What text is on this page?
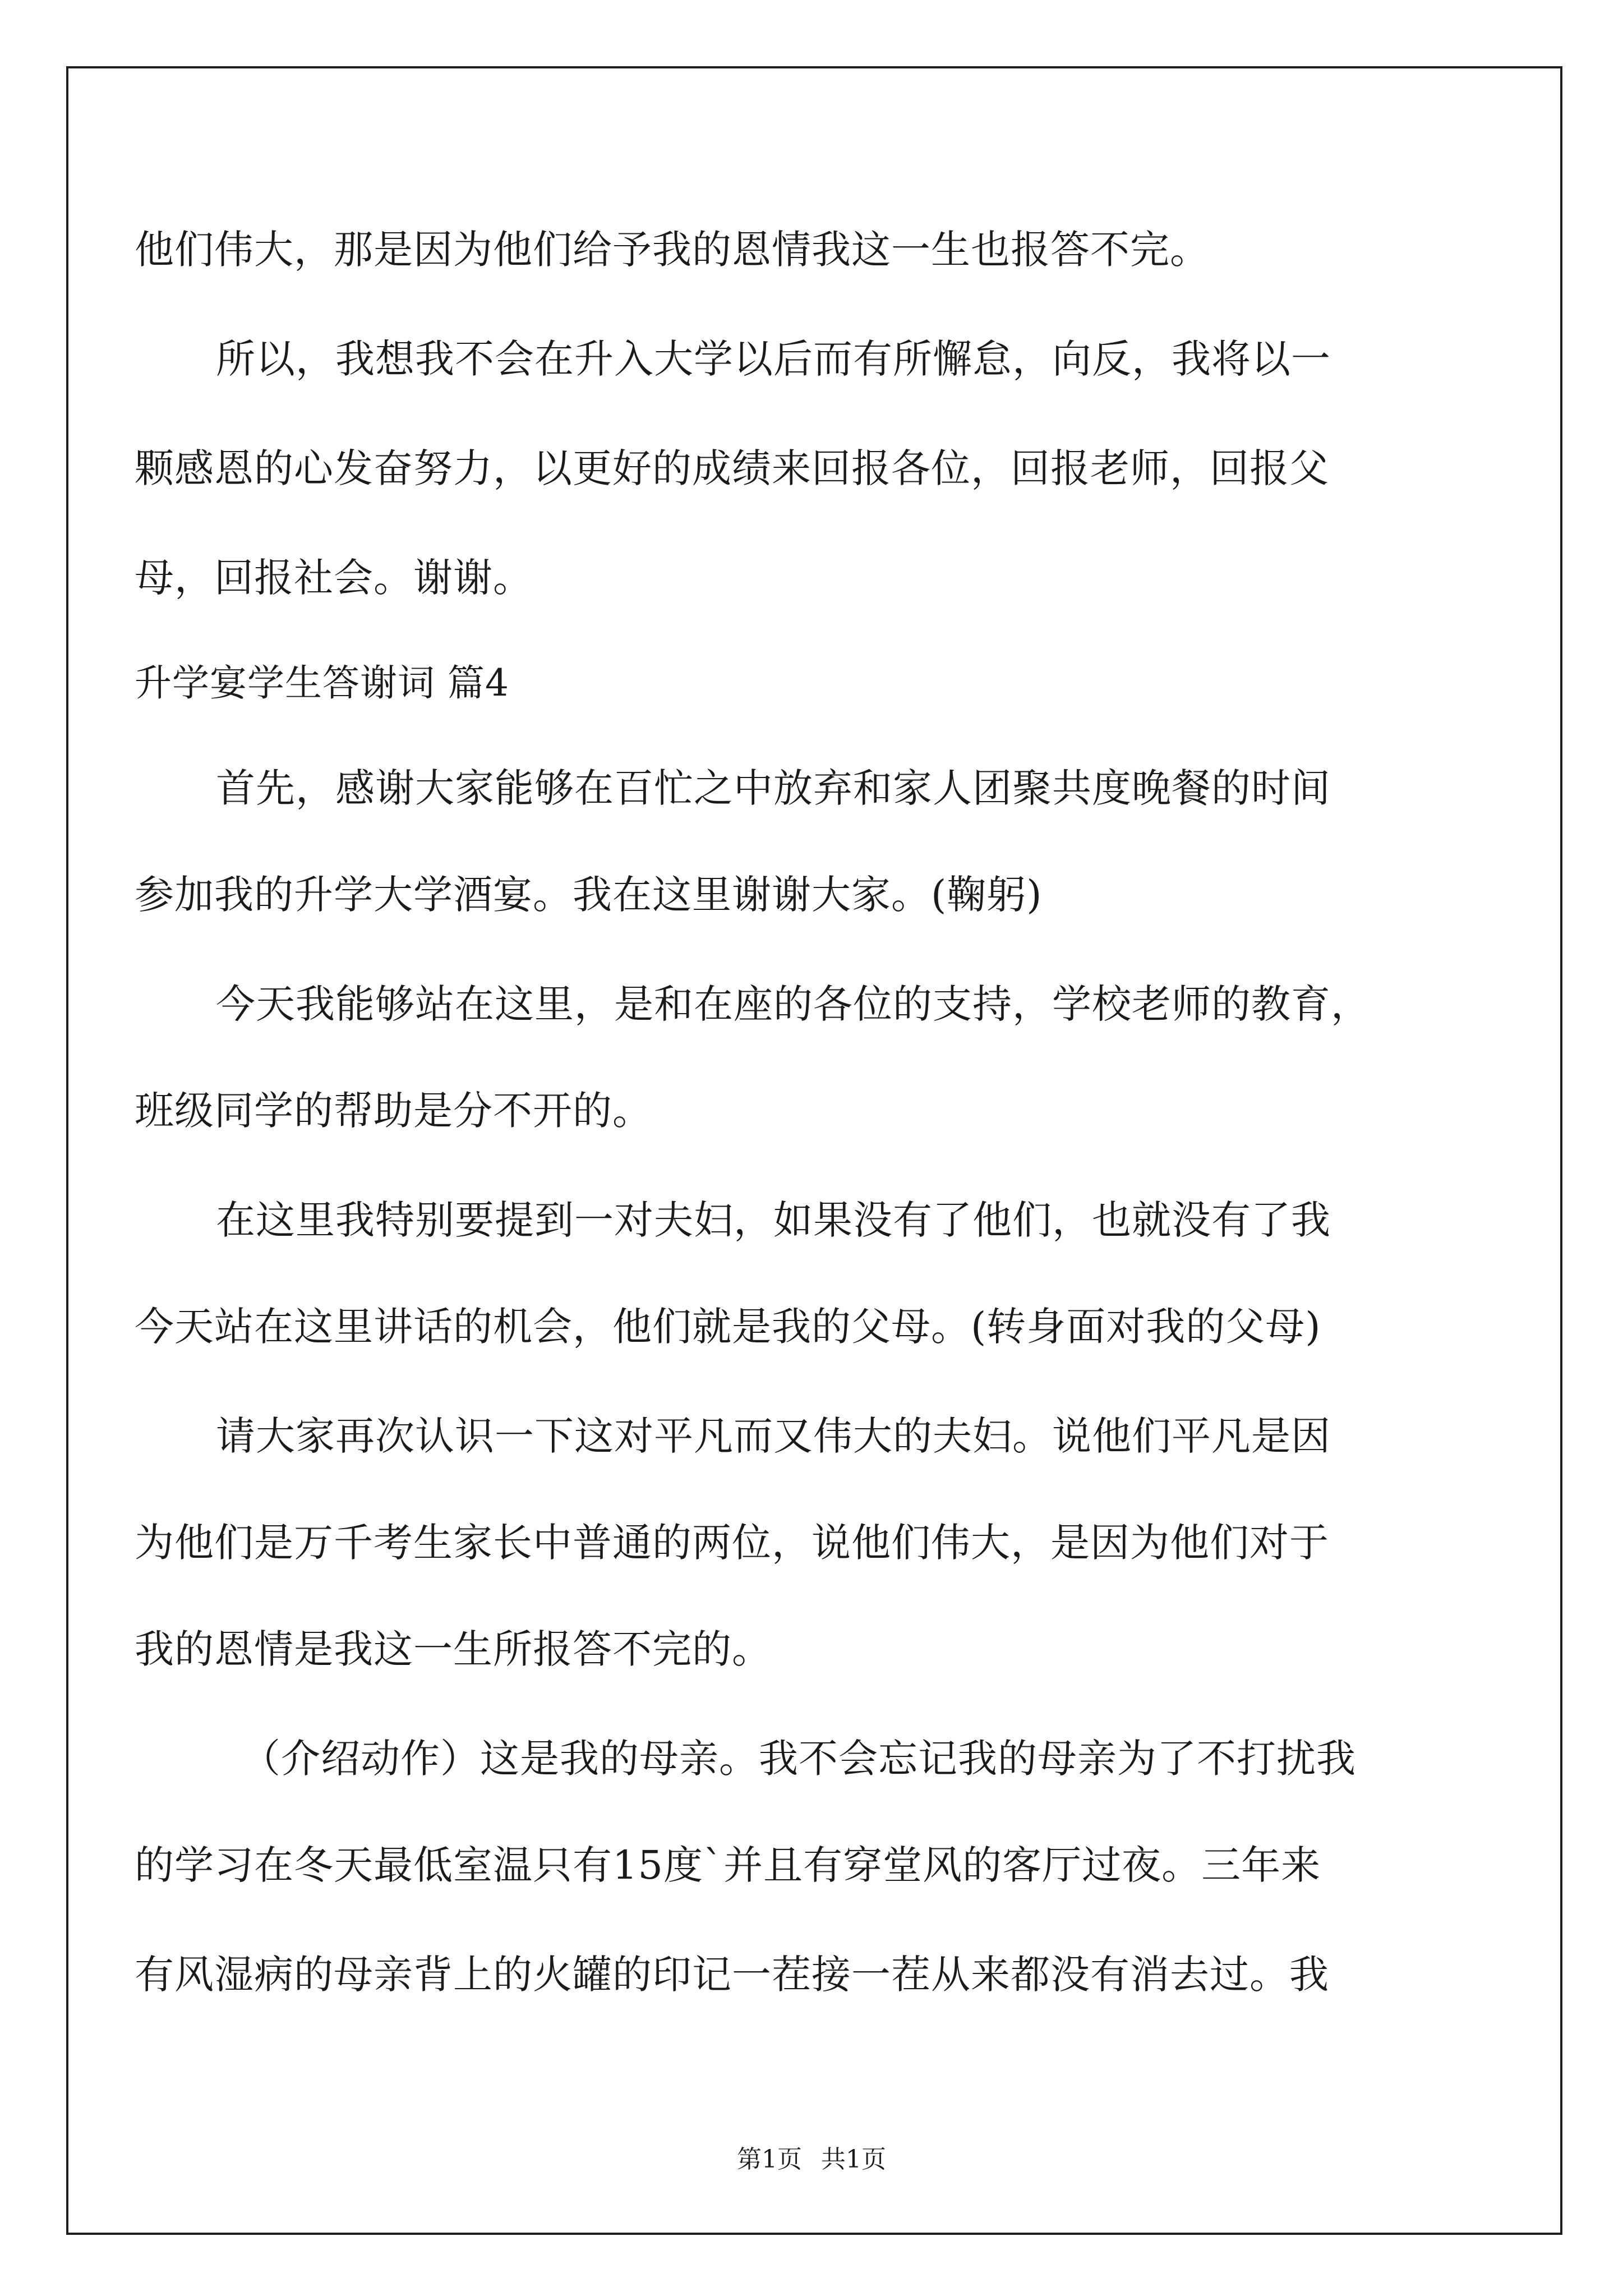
他们伟大，那是因为他们给予我的恩情我这一生也报答不完。
所以，我想我不会在升入大学以后而有所懈怠，向反，我将以一
颗感恩的心发奋努力，以更好的成绩来回报各位，回报老师，回报父
母，回报社会。谢谢。
升学宴学生答谢词 篇4
首先，感谢大家能够在百忙之中放弃和家人团聚共度晚餐的时间
参加我的升学大学酒宴。我在这里谢谢大家。(鞠躬)
今天我能够站在这里，是和在座的各位的支持，学校老师的教育，
班级同学的帮助是分不开的。
在这里我特别要提到一对夫妇，如果没有了他们，也就没有了我
今天站在这里讲话的机会，他们就是我的父母。(转身面对我的父母)
请大家再次认识一下这对平凡而又伟大的夫妇。说他们平凡是因
为他们是万千考生家长中普通的两位，说他们伟大，是因为他们对于
我的恩情是我这一生所报答不完的。
（介绍动作）这是我的母亲。我不会忘记我的母亲为了不打扰我
的学习在冬天最低室温只有15度`并且有穿堂风的客厅过夜。三年来
有风湿病的母亲背上的火罐的印记一茬接一茬从来都没有消去过。我
第1页 共1页
